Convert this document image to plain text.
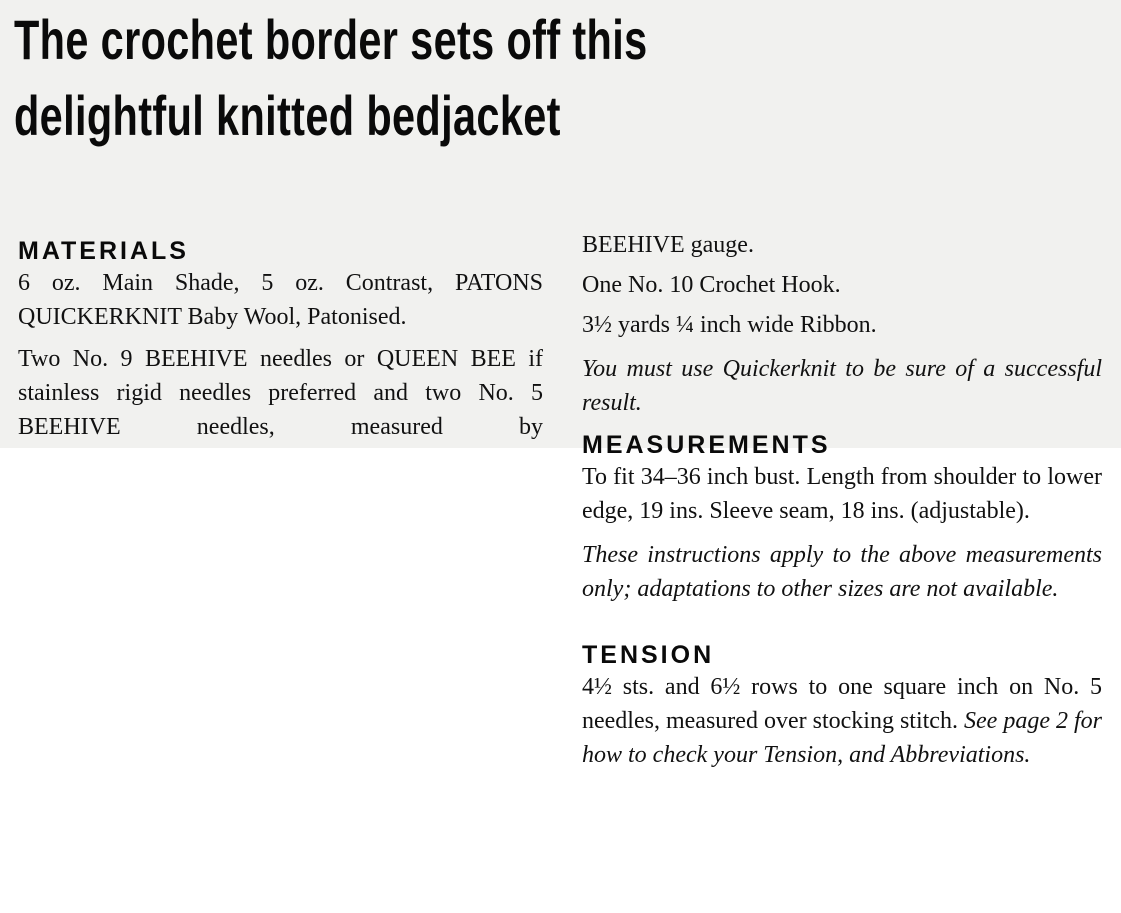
The crochet border sets off this
delightful knitted bedjacket
MATERIALS

6 oz. Main Shade, 5 oz. Contrast, PATONS QUICKERKNIT Baby Wool, Patonised.

Two No. 9 BEEHIVE needles or QUEEN BEE if stainless rigid needles preferred and two No. 5 BEEHIVE needles, measured by

BEEHIVE gauge.

One No. 10 Crochet Hook.

3½ yards ¼ inch wide Ribbon.

You must use Quickerknit to be sure of a successful result.

MEASUREMENTS

To fit 34–36 inch bust. Length from shoulder to lower edge, 19 ins. Sleeve seam, 18 ins. (adjustable).

These instructions apply to the above measurements only; adaptations to other sizes are not available.

TENSION

4½ sts. and 6½ rows to one square inch on No. 5 needles, measured over stocking stitch. See page 2 for how to check your Tension, and Abbreviations.
